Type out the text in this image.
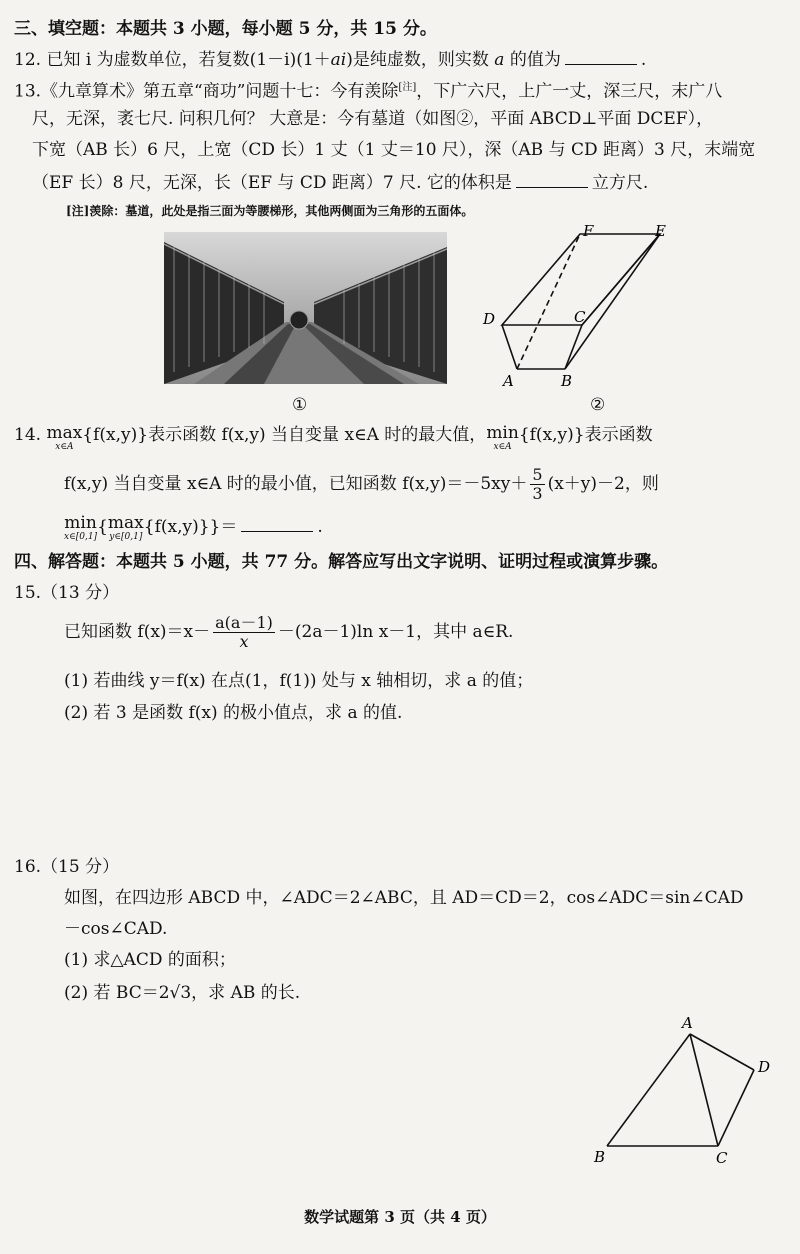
三、填空题：本题共 3 小题，每小题 5 分，共 15 分。
12. 已知 i 为虚数单位，若复数(1－i)(1＋ai)是纯虚数，则实数 a 的值为	.
13.《九章算术》第五章“商功”问题十七：今有羡除[注]，下广六尺，上广一丈，深三尺，末广八
尺，无深，袤七尺. 问积几何？ 大意是：今有墓道（如图②，平面 ABCD⊥平面 DCEF），
下宽（AB 长）6 尺，上宽（CD 长）1 丈（1 丈＝10 尺），深（AB 与 CD 距离）3 尺，末端宽
（EF 长）8 尺，无深，长（EF 与 CD 距离）7 尺. 它的体积是	立方尺.
[注]羡除：墓道，此处是指三面为等腰梯形，其他两侧面为三角形的五面体。
①
F	E
D	C
A	B
②
14. max
x∈A
{f(x,y)}表示函数 f(x,y) 当自变量 x∈A 时的最大值， min
x∈A
{f(x,y)}表示函数
f(x,y) 当自变量 x∈A 时的最小值，已知函数 $f(x,y)=-5xy+ \frac{5}{3} (x+y)-2$，则
min
x∈[0,1] { max
y∈[0,1] {f(x,y)}}＝	.
四、解答题：本题共 5 小题，共 77 分。解答应写出文字说明、证明过程或演算步骤。
15.（13 分）
已知函数 $f(x)=x- \frac{a(a-1)}{x} -(2a-1)\ln$ x－1，其中 a∈R.
(1) 若曲线 y＝f(x) 在点(1，f(1)) 处与 x 轴相切，求 a 的值；
(2) 若 3 是函数 f(x) 的极小值点，求 a 的值.
16.（15 分）
如图，在四边形 ABCD 中，∠ADC＝2∠ABC，且 AD＝CD＝2，cos∠ADC＝sin∠CAD
－cos∠CAD.
(1) 求△ACD 的面积；
(2) 若 BC＝2√3，求 AB 的长.
A
B	C
D
数学试题第 3 页（共 4 页）
